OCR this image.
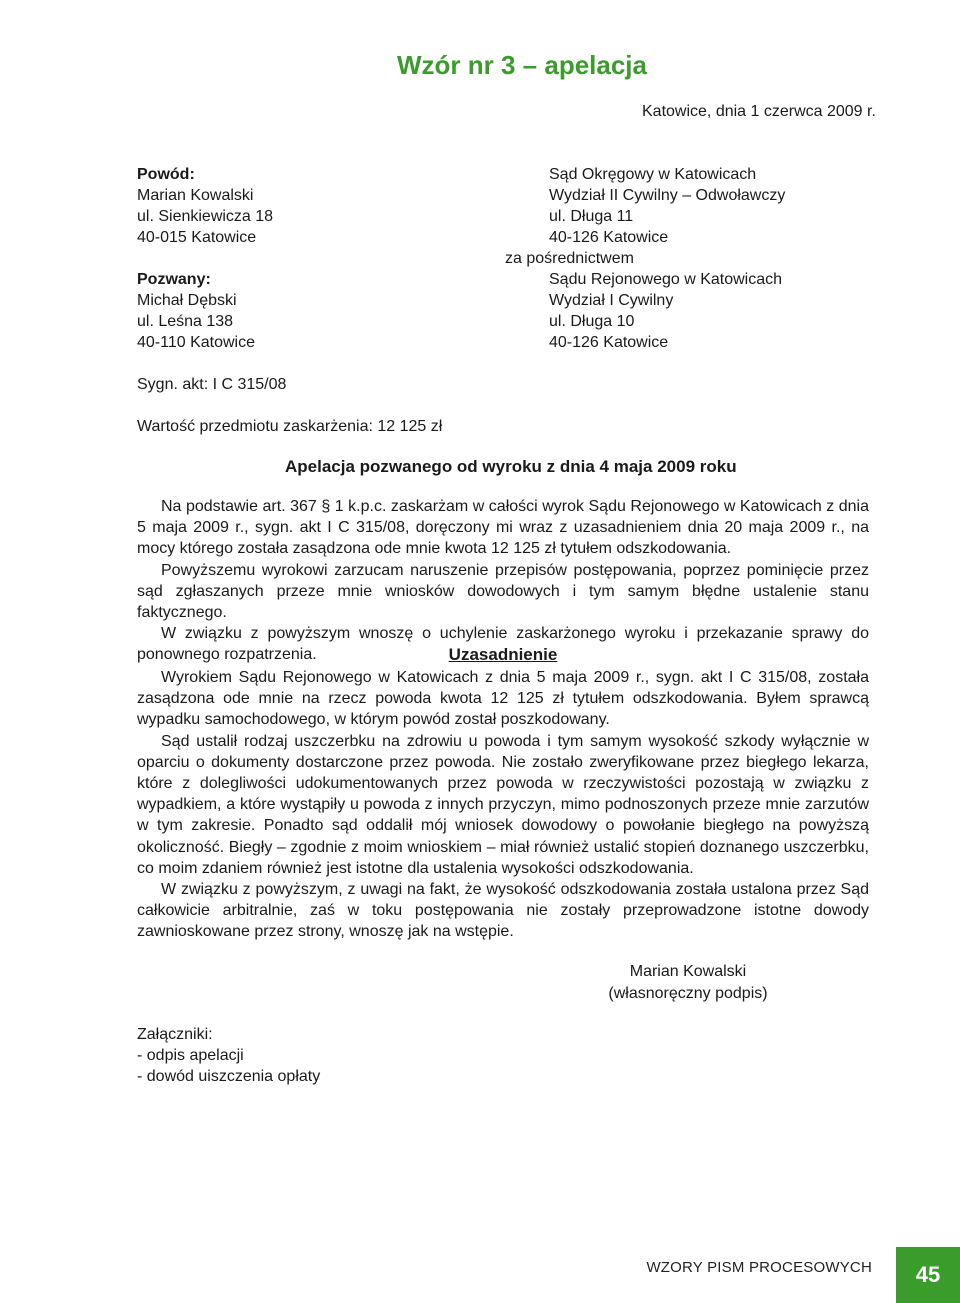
Wzór nr 3 – apelacja
Katowice, dnia 1 czerwca 2009 r.
Powód:
Marian Kowalski
ul. Sienkiewicza 18
40-015 Katowice
Pozwany:
Michał Dębski
ul. Leśna 138
40-110 Katowice
Sąd Okręgowy w Katowicach
Wydział II Cywilny – Odwoławczy
ul. Długa 11
40-126 Katowice
za pośrednictwem
Sądu Rejonowego w Katowicach
Wydział I Cywilny
ul. Długa 10
40-126 Katowice
Sygn. akt: I C 315/08
Wartość przedmiotu zaskarżenia: 12 125 zł
Apelacja pozwanego od wyroku z dnia 4 maja 2009 roku

Na podstawie art. 367 § 1 k.p.c. zaskarżam w całości wyrok Sądu Rejonowego w Katowicach z dnia 5 maja 2009 r., sygn. akt I C 315/08, doręczony mi wraz z uzasadnieniem dnia 20 maja 2009 r., na mocy którego została zasądzona ode mnie kwota 12 125 zł tytułem odszkodowania.

Powyższemu wyrokowi zarzucam naruszenie przepisów postępowania, poprzez pominięcie przez sąd zgłaszanych przeze mnie wniosków dowodowych i tym samym błędne ustalenie stanu faktycznego.

W związku z powyższym wnoszę o uchylenie zaskarżonego wyroku i przekazanie sprawy do ponownego rozpatrzenia.	Uzasadnienie

Wyrokiem Sądu Rejonowego w Katowicach z dnia 5 maja 2009 r., sygn. akt I C 315/08, została zasądzona ode mnie na rzecz powoda kwota 12 125 zł tytułem odszkodowania. Byłem sprawcą wypadku samochodowego, w którym powód został poszkodowany.

Sąd ustalił rodzaj uszczerbku na zdrowiu u powoda i tym samym wysokość szkody wyłącznie w oparciu o dokumenty dostarczone przez powoda. Nie zostało zweryfikowane przez biegłego lekarza, które z dolegliwości udokumentowanych przez powoda w rzeczywistości pozostają w związku z wypadkiem, a które wystąpiły u powoda z innych przyczyn, mimo podnoszonych przeze mnie zarzutów w tym zakresie. Ponadto sąd oddalił mój wniosek dowodowy o powołanie biegłego na powyższą okoliczność. Biegły – zgodnie z moim wnioskiem – miał również ustalić stopień doznanego uszczerbku, co moim zdaniem również jest istotne dla ustalenia wysokości odszkodowania.

W związku z powyższym, z uwagi na fakt, że wysokość odszkodowania została ustalona przez Sąd całkowicie arbitralnie, zaś w toku postępowania nie zostały przeprowadzone istotne dowody zawnioskowane przez strony, wnoszę jak na wstępie.

Marian Kowalski
(własnoręczny podpis)
Załączniki:
- odpis apelacji
- dowód uiszczenia opłaty
WZORY PISM PROCESOWYCH 45
